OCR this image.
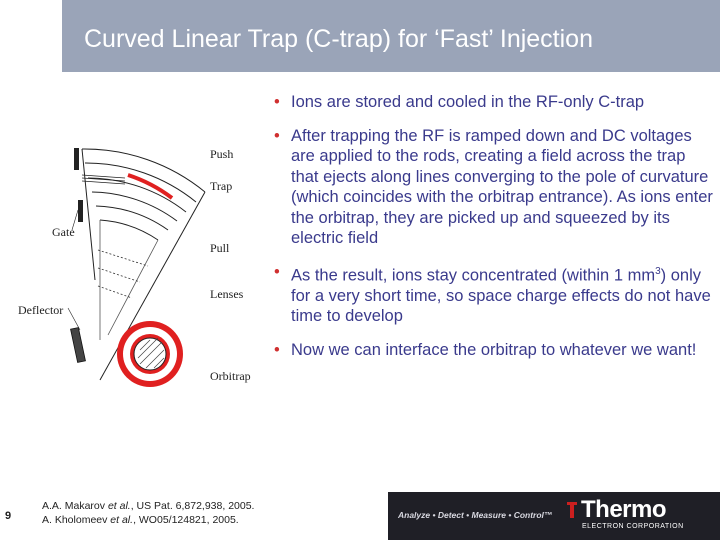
Curved Linear Trap (C-trap) for ‘Fast’ Injection
• Ions are stored and cooled in the RF-only C-trap
• After trapping the RF is ramped down and DC voltages are applied to the rods, creating a field across the trap that ejects along lines converging to the pole of curvature (which coincides with the orbitrap entrance). As ions enter the orbitrap, they are picked up and squeezed by its electric field
• As the result, ions stay concentrated (within 1 $mm^3$) only for a very short time, so space charge effects do not have time to develop
• Now we can interface the orbitrap to whatever we want!
Push
Trap
Gate
Pull
Lenses
Deflector
Orbitrap
9
A.A. Makarov et al., US Pat. 6,872,938, 2005.
A. Kholomeev et al., WO05/124821, 2005.	Analyze • Detect • Measure • Control™ Thermo
ELECTRON CORPORATION
